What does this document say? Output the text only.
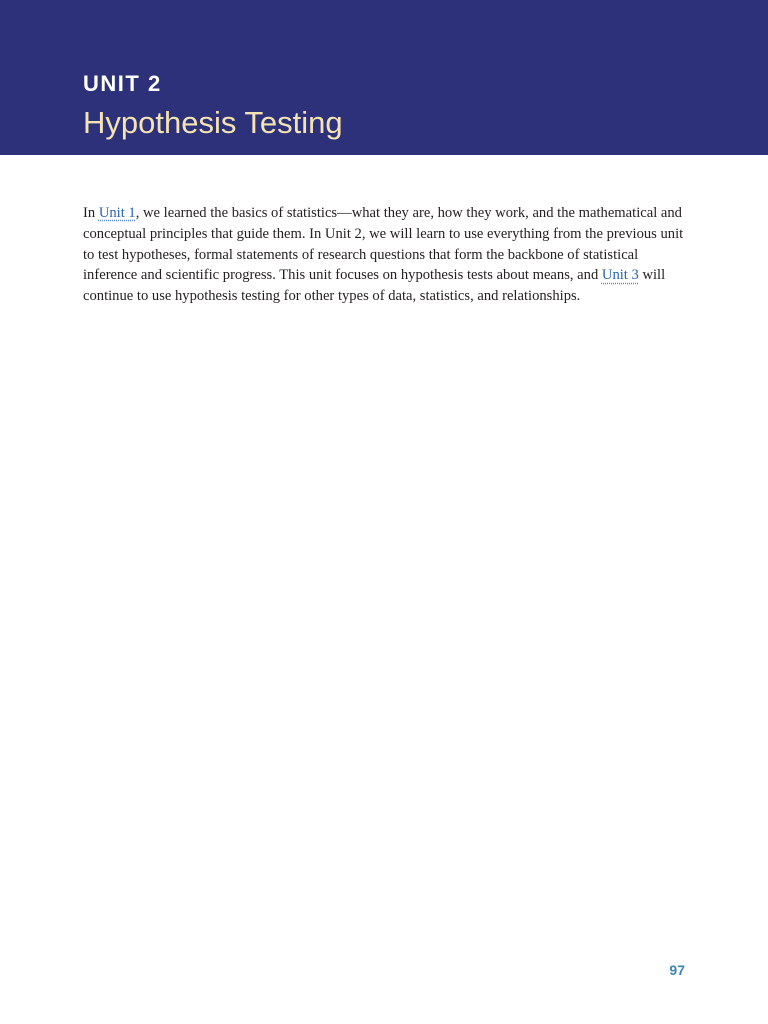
UNIT 2
Hypothesis Testing

In Unit 1, we learned the basics of statistics—what they are, how they work, and the mathematical and conceptual principles that guide them. In Unit 2, we will learn to use everything from the previous unit to test hypotheses, formal statements of research questions that form the backbone of statistical inference and scientific progress. This unit focuses on hypothesis tests about means, and Unit 3 will continue to use hypothesis testing for other types of data, statistics, and relationships.

97
